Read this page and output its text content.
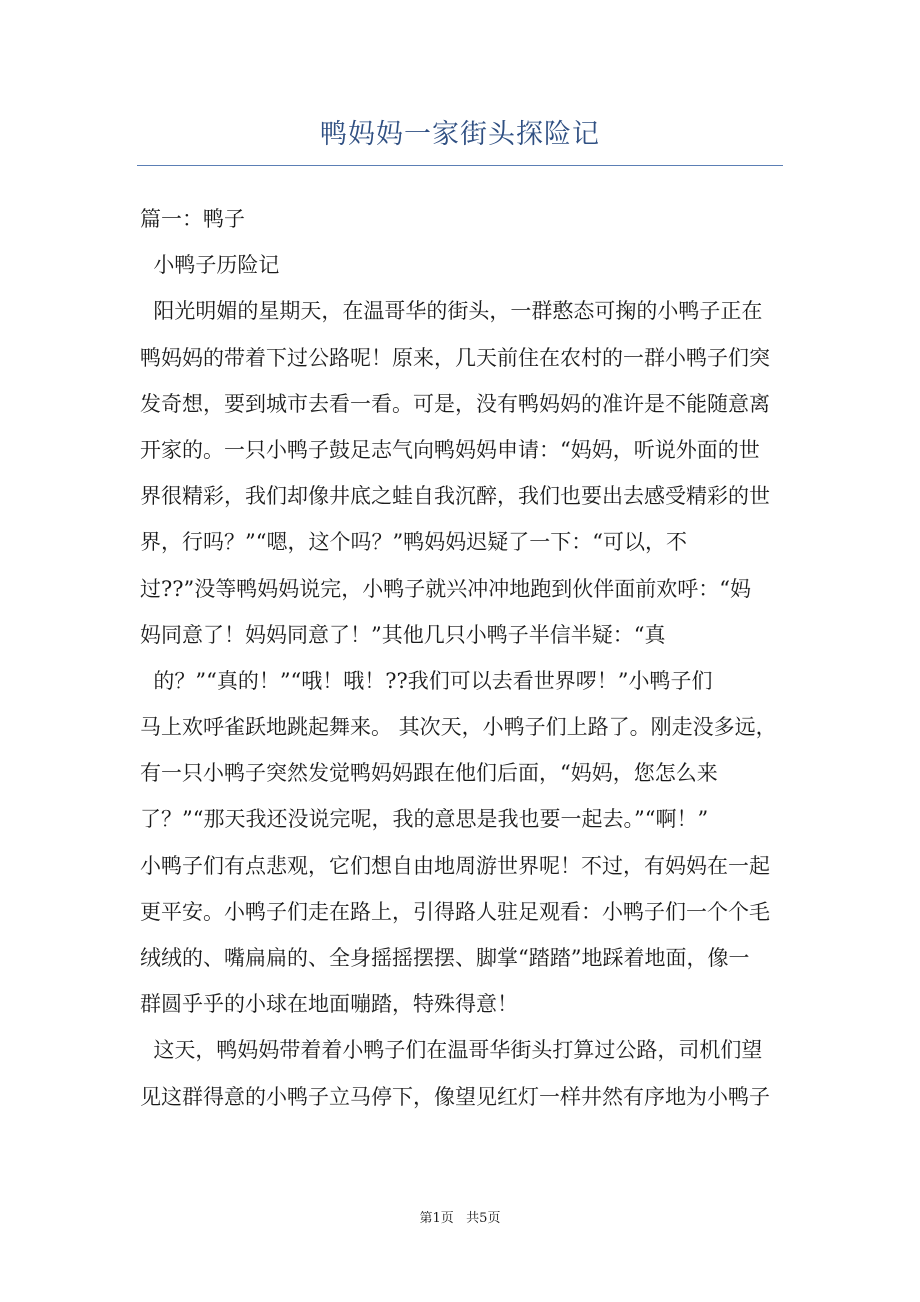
鸭妈妈一家街头探险记
篇一：鸭子
小鸭子历险记
阳光明媚的星期天，在温哥华的街头，一群憨态可掬的小鸭子正在
鸭妈妈的带着下过公路呢！原来，几天前住在农村的一群小鸭子们突
发奇想，要到城市去看一看。可是，没有鸭妈妈的准许是不能随意离
开家的。一只小鸭子鼓足志气向鸭妈妈申请：“妈妈，听说外面的世
界很精彩，我们却像井底之蛙自我沉醉，我们也要出去感受精彩的世
界，行吗？”“嗯，这个吗？”鸭妈妈迟疑了一下：“可以，不
过??”没等鸭妈妈说完，小鸭子就兴冲冲地跑到伙伴面前欢呼：“妈
妈同意了！妈妈同意了！”其他几只小鸭子半信半疑：“真
的？”“真的！”“哦！哦！??我们可以去看世界啰！”小鸭子们
马上欢呼雀跃地跳起舞来。 其次天，小鸭子们上路了。刚走没多远，
有一只小鸭子突然发觉鸭妈妈跟在他们后面，“妈妈，您怎么来
了？”“那天我还没说完呢，我的意思是我也要一起去。”“啊！”
小鸭子们有点悲观，它们想自由地周游世界呢！不过，有妈妈在一起
更平安。小鸭子们走在路上，引得路人驻足观看：小鸭子们一个个毛
绒绒的、嘴扁扁的、全身摇摇摆摆、脚掌“踏踏”地踩着地面，像一
群圆乎乎的小球在地面嘣踏，特殊得意！
这天，鸭妈妈带着着小鸭子们在温哥华街头打算过公路，司机们望
见这群得意的小鸭子立马停下，像望见红灯一样井然有序地为小鸭子
第1页   共5页
